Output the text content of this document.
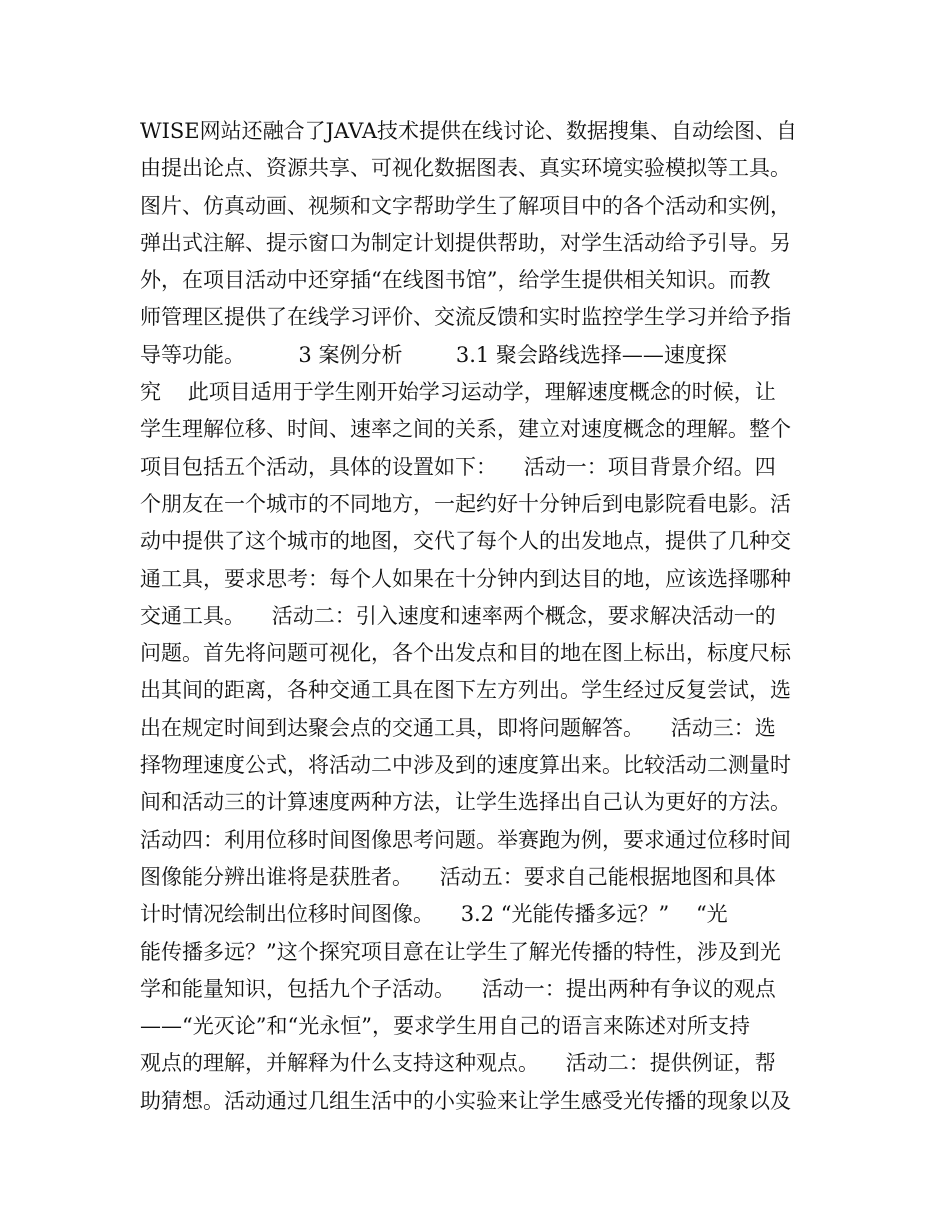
WISE网站还融合了JAVA技术提供在线讨论、数据搜集、自动绘图、自
由提出论点、资源共享、可视化数据图表、真实环境实验模拟等工具。
图片、仿真动画、视频和文字帮助学生了解项目中的各个活动和实例，
弹出式注解、提示窗口为制定计划提供帮助，对学生活动给予引导。另
外，在项目活动中还穿插“在线图书馆”，给学生提供相关知识。而教
师管理区提供了在线学习评价、交流反馈和实时监控学生学习并给予指
导等功能。        3 案例分析        3.1 聚会路线选择——速度探
究    此项目适用于学生刚开始学习运动学，理解速度概念的时候，让
学生理解位移、时间、速率之间的关系，建立对速度概念的理解。整个
项目包括五个活动，具体的设置如下：    活动一：项目背景介绍。四
个朋友在一个城市的不同地方，一起约好十分钟后到电影院看电影。活
动中提供了这个城市的地图，交代了每个人的出发地点，提供了几种交
通工具，要求思考：每个人如果在十分钟内到达目的地，应该选择哪种
交通工具。    活动二：引入速度和速率两个概念，要求解决活动一的
问题。首先将问题可视化，各个出发点和目的地在图上标出，标度尺标
出其间的距离，各种交通工具在图下左方列出。学生经过反复尝试，选
出在规定时间到达聚会点的交通工具，即将问题解答。    活动三：选
择物理速度公式，将活动二中涉及到的速度算出来。比较活动二测量时
间和活动三的计算速度两种方法，让学生选择出自己认为更好的方法。
活动四：利用位移时间图像思考问题。举赛跑为例，要求通过位移时间
图像能分辨出谁将是获胜者。    活动五：要求自己能根据地图和具体
计时情况绘制出位移时间图像。    3.2 “光能传播多远？”    “光
能传播多远？”这个探究项目意在让学生了解光传播的特性，涉及到光
学和能量知识，包括九个子活动。    活动一：提出两种有争议的观点
——“光灭论”和“光永恒”，要求学生用自己的语言来陈述对所支持
观点的理解，并解释为什么支持这种观点。    活动二：提供例证，帮
助猜想。活动通过几组生活中的小实验来让学生感受光传播的现象以及
